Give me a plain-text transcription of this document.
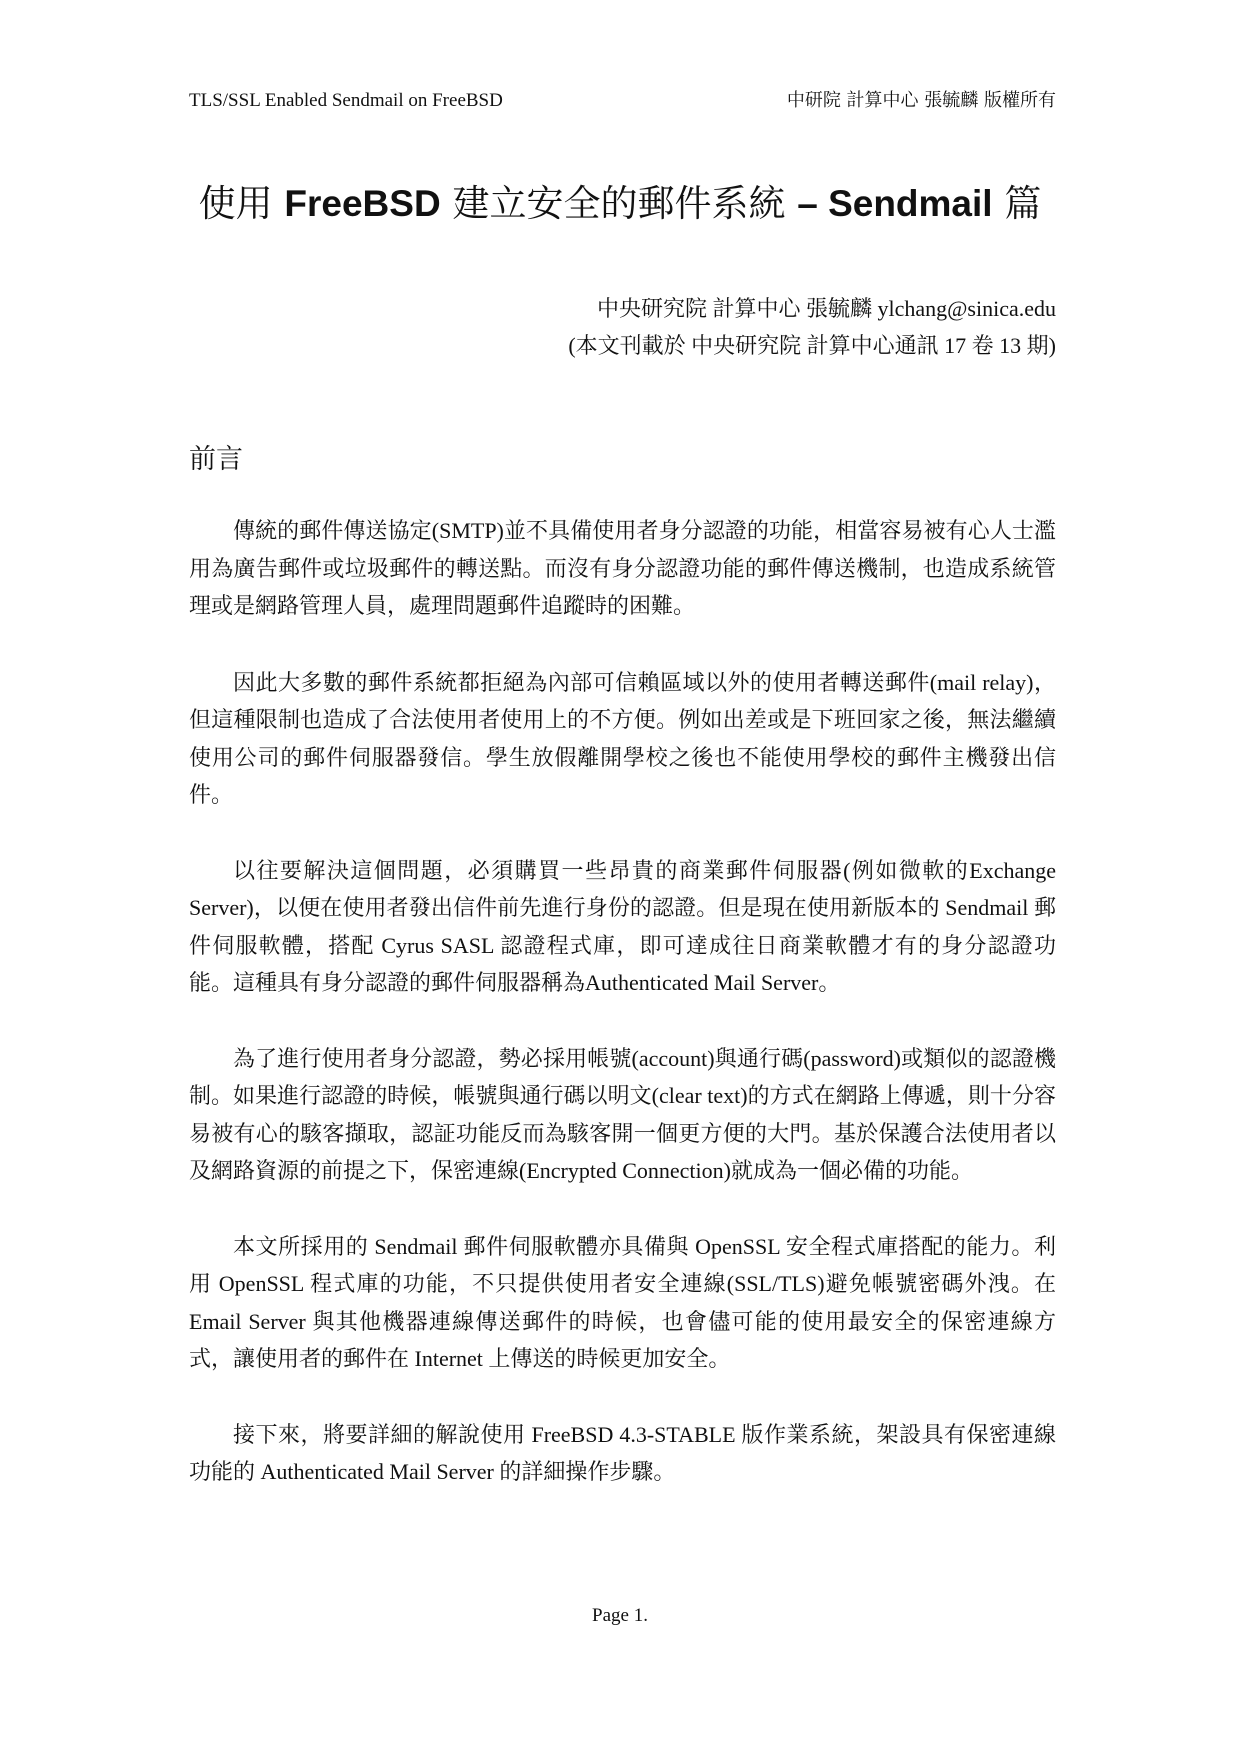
TLS/SSL Enabled Sendmail on FreeBSD	中研院 計算中心 張毓麟 版權所有
使用 FreeBSD 建立安全的郵件系統 – Sendmail 篇
中央研究院 計算中心 張毓麟 ylchang@sinica.edu
(本文刊載於 中央研究院 計算中心通訊 17 卷 13 期)
前言

傳統的郵件傳送協定(SMTP)並不具備使用者身分認證的功能，相當容易被有心人士濫用為廣告郵件或垃圾郵件的轉送點。而沒有身分認證功能的郵件傳送機制，也造成系統管理或是網路管理人員，處理問題郵件追蹤時的困難。

因此大多數的郵件系統都拒絕為內部可信賴區域以外的使用者轉送郵件(mail relay)，但這種限制也造成了合法使用者使用上的不方便。例如出差或是下班回家之後，無法繼續使用公司的郵件伺服器發信。學生放假離開學校之後也不能使用學校的郵件主機發出信件。

以往要解決這個問題，必須購買一些昂貴的商業郵件伺服器(例如微軟的Exchange Server)，以便在使用者發出信件前先進行身份的認證。但是現在使用新版本的 Sendmail 郵件伺服軟體，搭配 Cyrus SASL 認證程式庫，即可達成往日商業軟體才有的身分認證功能。這種具有身分認證的郵件伺服器稱為Authenticated Mail Server。

為了進行使用者身分認證，勢必採用帳號(account)與通行碼(password)或類似的認證機制。如果進行認證的時候，帳號與通行碼以明文(clear text)的方式在網路上傳遞，則十分容易被有心的駭客擷取，認証功能反而為駭客開一個更方便的大門。基於保護合法使用者以及網路資源的前提之下，保密連線(Encrypted Connection)就成為一個必備的功能。

本文所採用的 Sendmail 郵件伺服軟體亦具備與 OpenSSL 安全程式庫搭配的能力。利用 OpenSSL 程式庫的功能，不只提供使用者安全連線(SSL/TLS)避免帳號密碼外洩。在 Email Server 與其他機器連線傳送郵件的時候，也會儘可能的使用最安全的保密連線方式，讓使用者的郵件在 Internet 上傳送的時候更加安全。

接下來，將要詳細的解說使用 FreeBSD 4.3-STABLE 版作業系統，架設具有保密連線功能的 Authenticated Mail Server 的詳細操作步驟。

Page 1.
